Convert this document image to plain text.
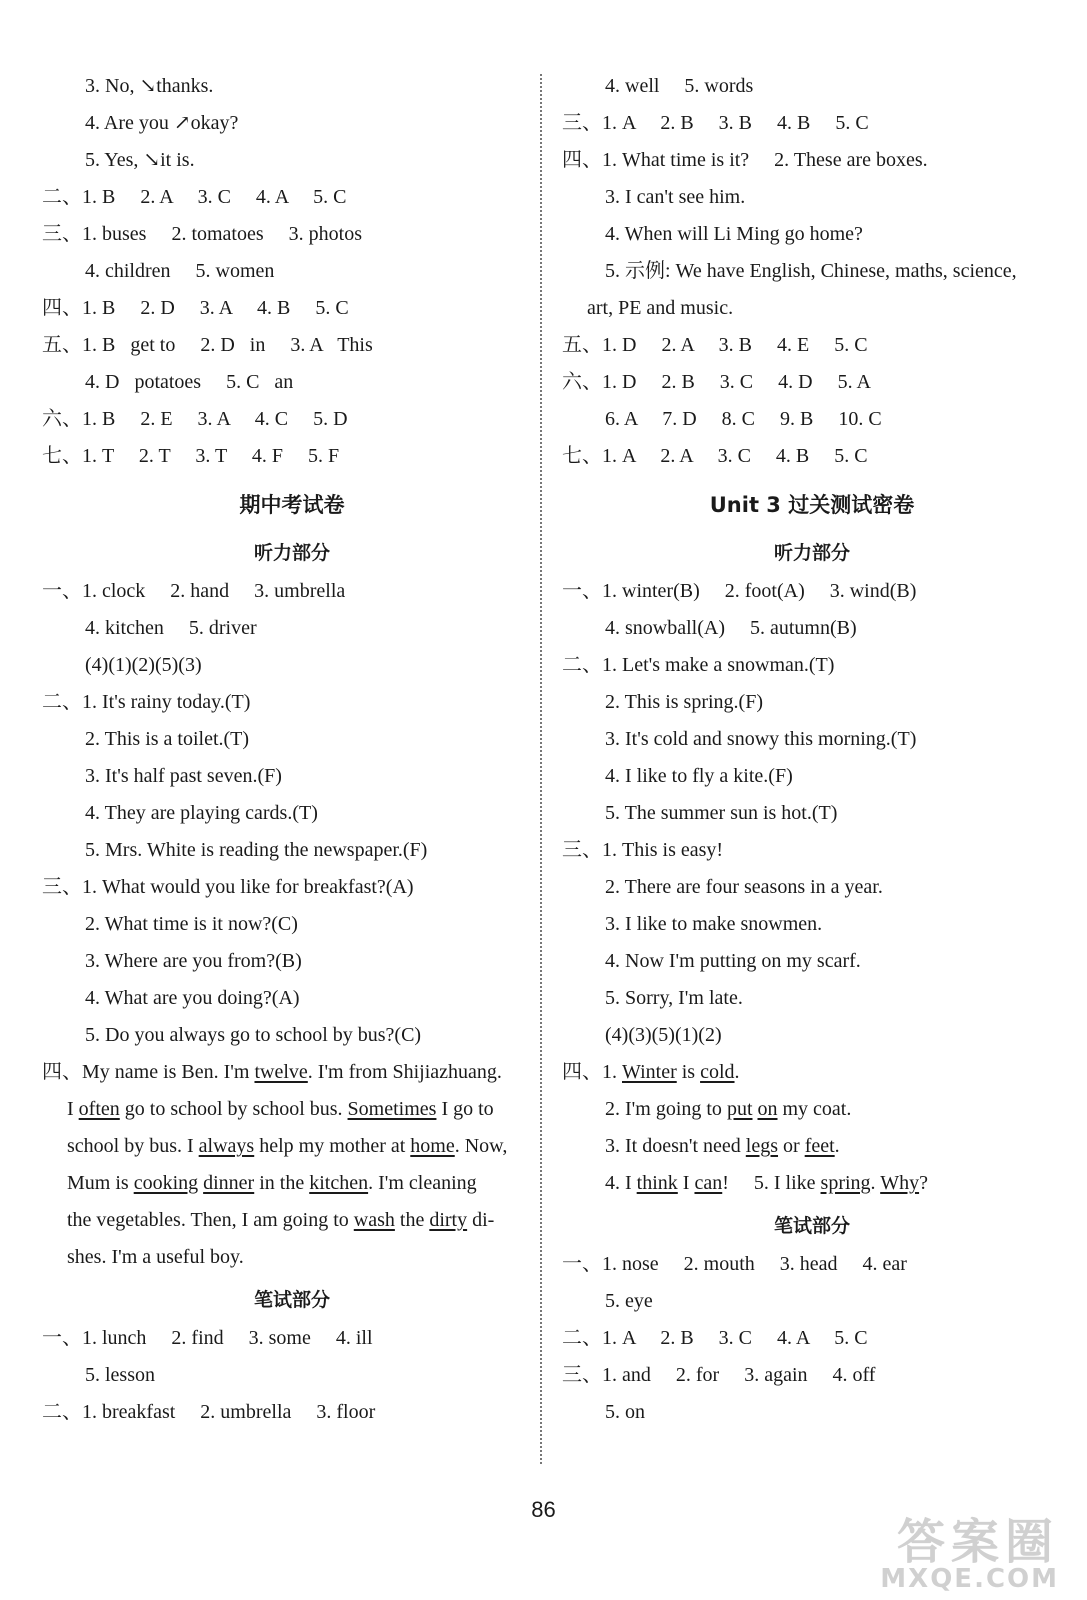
3. No, ↘thanks.
4. Are you ↗okay?
5. Yes, ↘it is.
二、1. B     2. A     3. C     4. A     5. C
三、1. buses     2. tomatoes     3. photos
4. children     5. women
四、1. B     2. D     3. A     4. B     5. C
五、1. B   get to     2. D   in     3. A   This
4. D   potatoes     5. C   an
六、1. B     2. E     3. A     4. C     5. D
七、1. T     2. T     3. T     4. F     5. F
期中考试卷
听力部分
一、1. clock     2. hand     3. umbrella
4. kitchen     5. driver
(4)(1)(2)(5)(3)
二、1. It's rainy today.(T)
2. This is a toilet.(T)
3. It's half past seven.(F)
4. They are playing cards.(T)
5. Mrs. White is reading the newspaper.(F)
三、1. What would you like for breakfast?(A)
2. What time is it now?(C)
3. Where are you from?(B)
4. What are you doing?(A)
5. Do you always go to school by bus?(C)
四、My name is Ben. I'm twelve. I'm from Shijiazhuang.
I often go to school by school bus. Sometimes I go to
school by bus. I always help my mother at home. Now,
Mum is cooking dinner in the kitchen. I'm cleaning
the vegetables. Then, I am going to wash the dirty di-
shes. I'm a useful boy.
笔试部分
一、1. lunch     2. find     3. some     4. ill
5. lesson
二、1. breakfast     2. umbrella     3. floor
4. well     5. words
三、1. A     2. B     3. B     4. B     5. C
四、1. What time is it?     2. These are boxes.
3. I can't see him.
4. When will Li Ming go home?
5. 示例: We have English, Chinese, maths, science,
art, PE and music.
五、1. D     2. A     3. B     4. E     5. C
六、1. D     2. B     3. C     4. D     5. A
6. A     7. D     8. C     9. B     10. C
七、1. A     2. A     3. C     4. B     5. C
Unit 3 过关测试密卷
听力部分
一、1. winter(B)     2. foot(A)     3. wind(B)
4. snowball(A)     5. autumn(B)
二、1. Let's make a snowman.(T)
2. This is spring.(F)
3. It's cold and snowy this morning.(T)
4. I like to fly a kite.(F)
5. The summer sun is hot.(T)
三、1. This is easy!
2. There are four seasons in a year.
3. I like to make snowmen.
4. Now I'm putting on my scarf.
5. Sorry, I'm late.
(4)(3)(5)(1)(2)
四、1. Winter is cold.
2. I'm going to put on my coat.
3. It doesn't need legs or feet.
4. I think I can!     5. I like spring. Why?
笔试部分
一、1. nose     2. mouth     3. head     4. ear
5. eye
二、1. A     2. B     3. C     4. A     5. C
三、1. and     2. for     3. again     4. off
5. on
86
答案圈
MXQE.COM
